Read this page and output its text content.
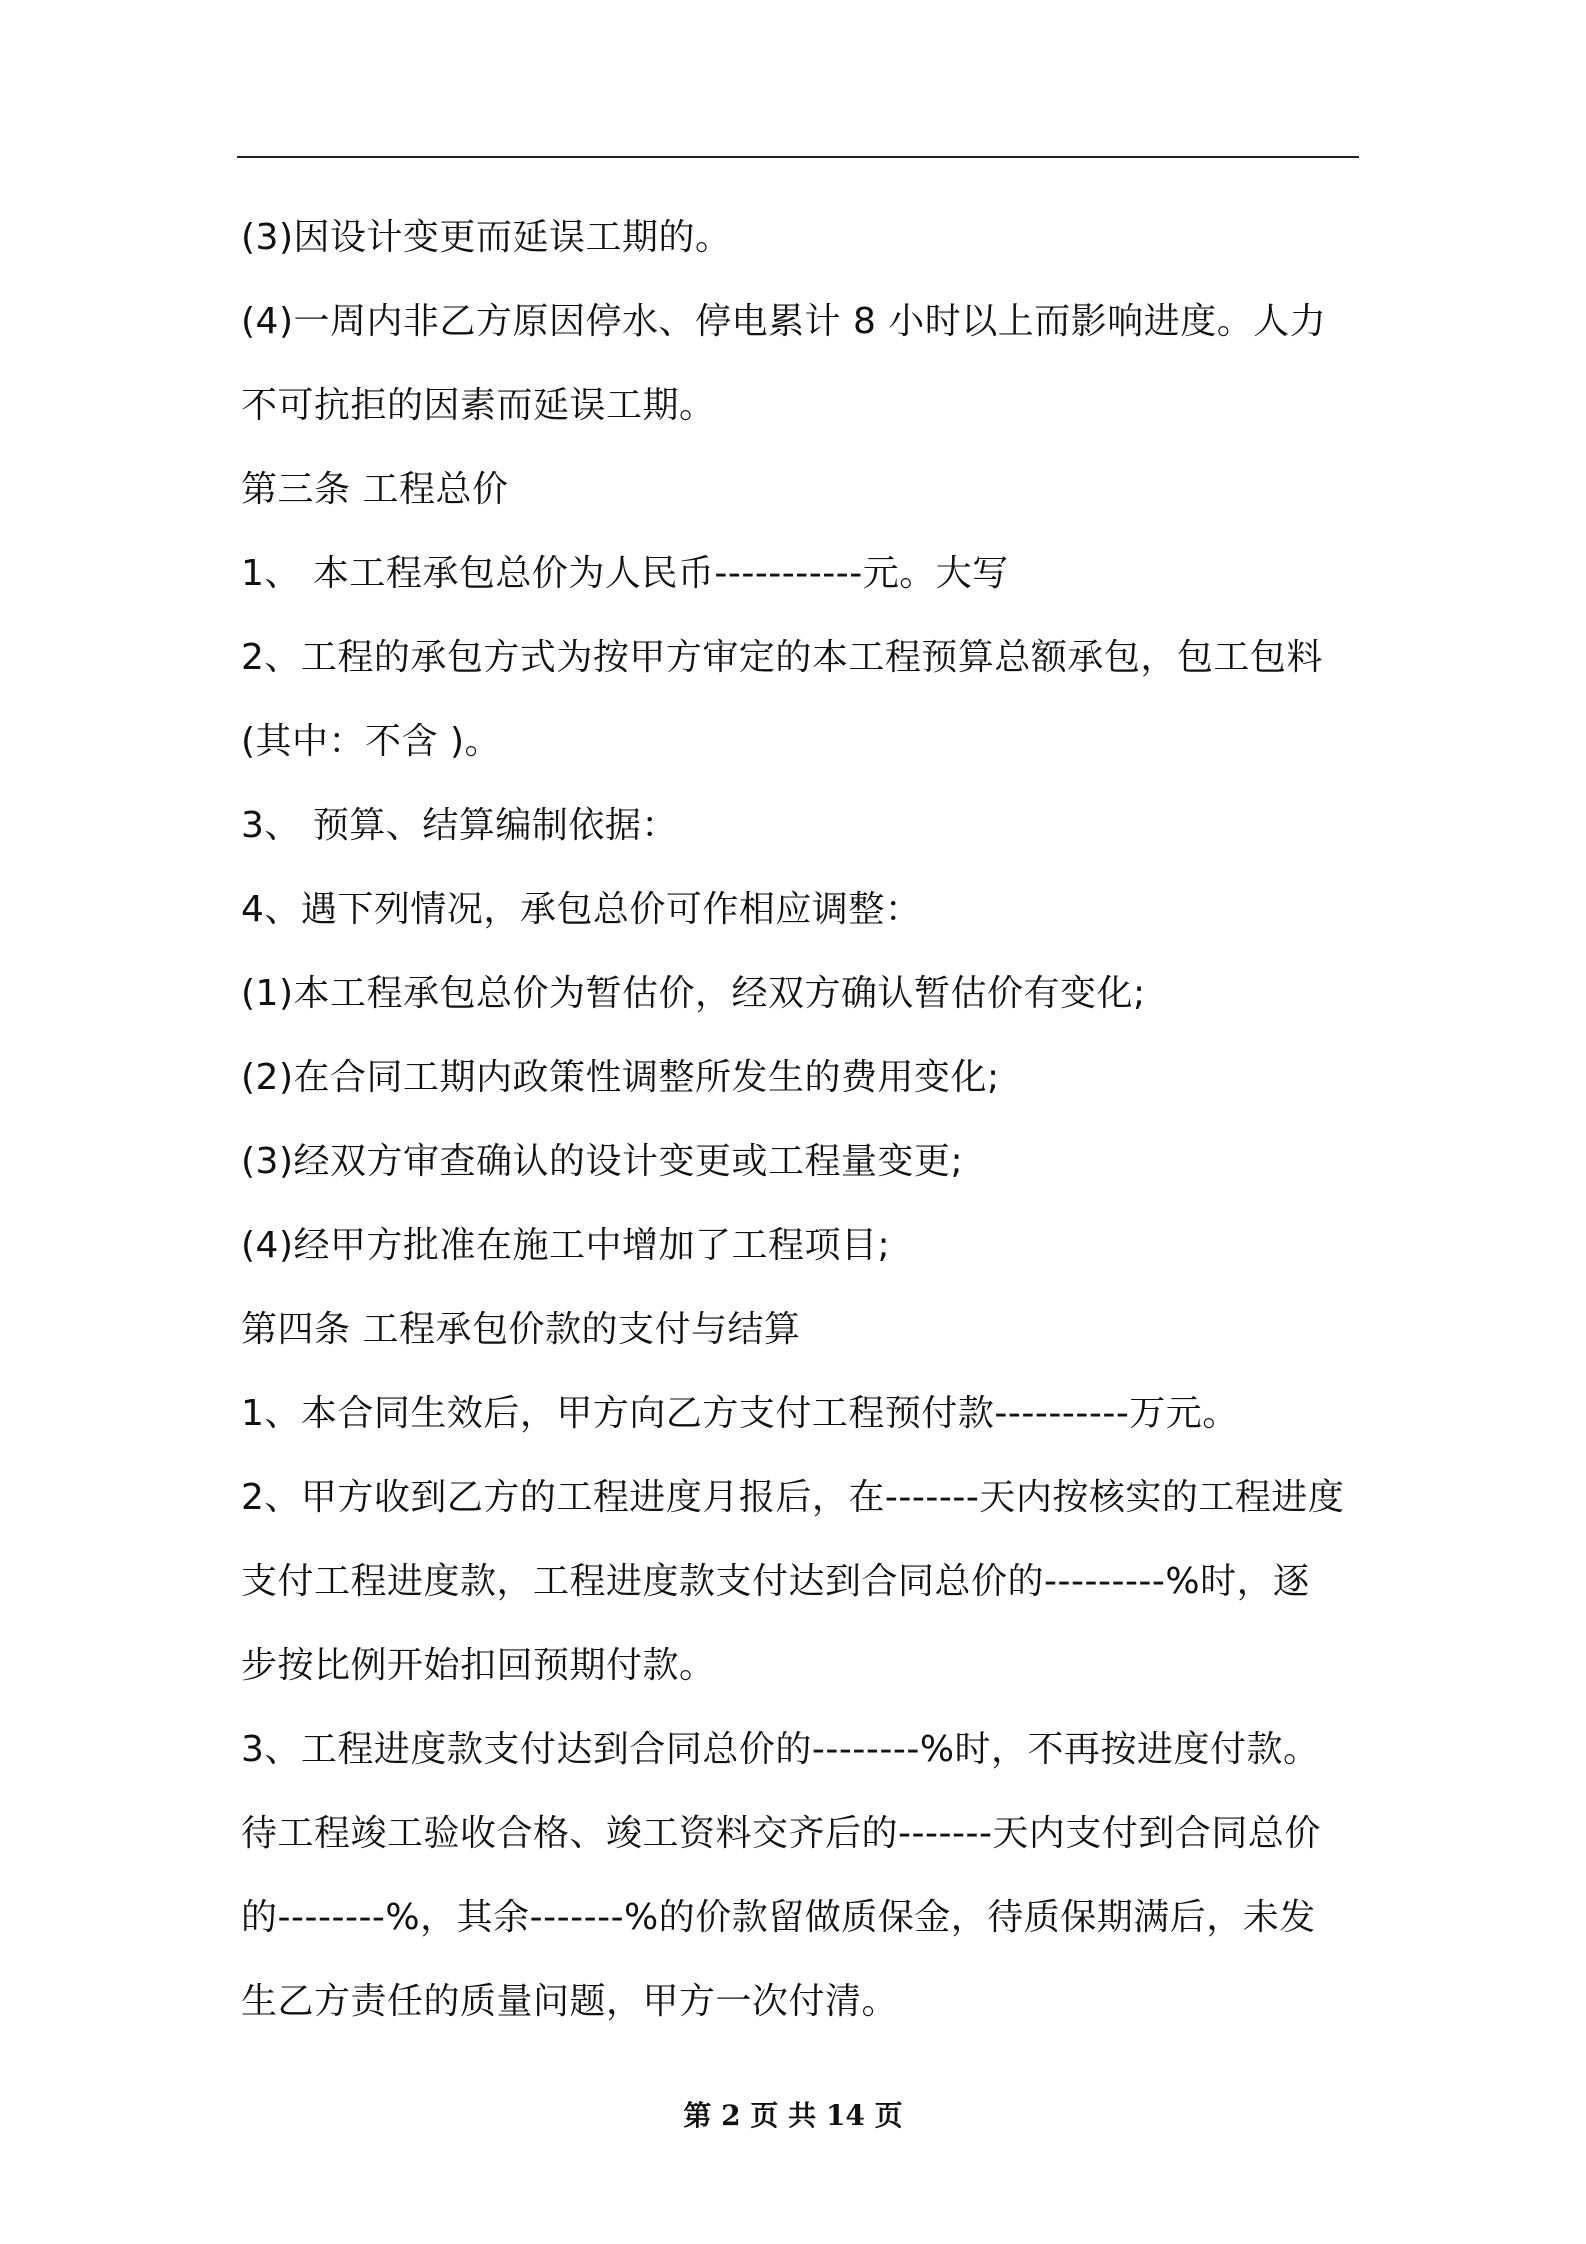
(3)因设计变更而延误工期的。

(4)一周内非乙方原因停水、停电累计 8 小时以上而影响进度。人力

不可抗拒的因素而延误工期。

第三条 工程总价

1、 本工程承包总价为人民币-----------元。大写

2、工程的承包方式为按甲方审定的本工程预算总额承包，包工包料

(其中：不含 )。

3、 预算、结算编制依据：

4、遇下列情况，承包总价可作相应调整：

(1)本工程承包总价为暂估价，经双方确认暂估价有变化;

(2)在合同工期内政策性调整所发生的费用变化;

(3)经双方审查确认的设计变更或工程量变更;

(4)经甲方批准在施工中增加了工程项目;

第四条 工程承包价款的支付与结算

1、本合同生效后，甲方向乙方支付工程预付款----------万元。

2、甲方收到乙方的工程进度月报后，在-------天内按核实的工程进度

支付工程进度款，工程进度款支付达到合同总价的---------%时，逐

步按比例开始扣回预期付款。

3、工程进度款支付达到合同总价的--------%时，不再按进度付款。

待工程竣工验收合格、竣工资料交齐后的-------天内支付到合同总价

的--------%，其余-------%的价款留做质保金，待质保期满后，未发

生乙方责任的质量问题，甲方一次付清。

第 2 页 共 14 页
